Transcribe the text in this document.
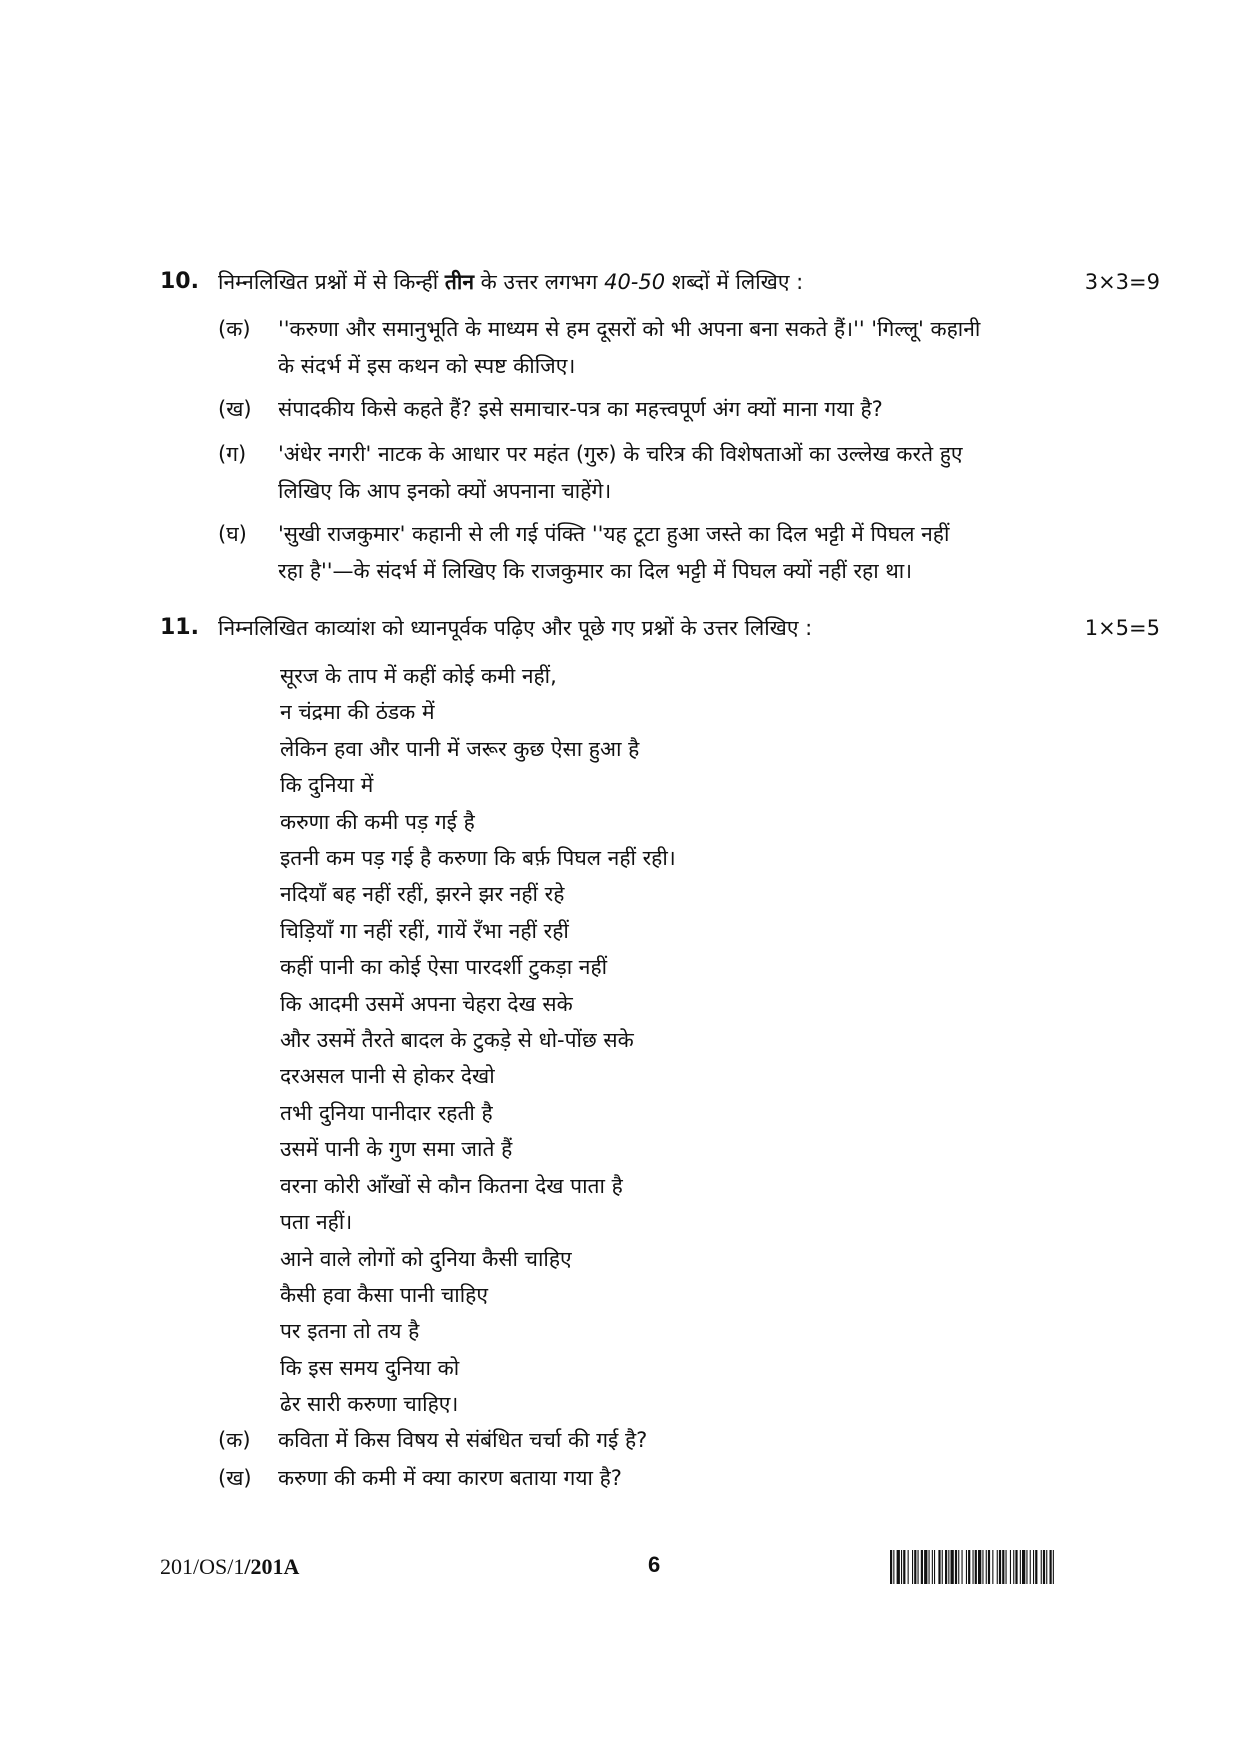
10. निम्नलिखित प्रश्नों में से किन्हीं तीन के उत्तर लगभग 40-50 शब्दों में लिखिए :	3×3=9
(क) ''करुणा और समानुभूति के माध्यम से हम दूसरों को भी अपना बना सकते हैं।'' 'गिल्लू' कहानी
के संदर्भ में इस कथन को स्पष्ट कीजिए।
(ख) संपादकीय किसे कहते हैं? इसे समाचार-पत्र का महत्त्वपूर्ण अंग क्यों माना गया है?
(ग) 'अंधेर नगरी' नाटक के आधार पर महंत (गुरु) के चरित्र की विशेषताओं का उल्लेख करते हुए
लिखिए कि आप इनको क्यों अपनाना चाहेंगे।
(घ) 'सुखी राजकुमार' कहानी से ली गई पंक्ति ''यह टूटा हुआ जस्ते का दिल भट्टी में पिघल नहीं
रहा है''—के संदर्भ में लिखिए कि राजकुमार का दिल भट्टी में पिघल क्यों नहीं रहा था।
11. निम्नलिखित काव्यांश को ध्यानपूर्वक पढ़िए और पूछे गए प्रश्नों के उत्तर लिखिए :	1×5=5
सूरज के ताप में कहीं कोई कमी नहीं,
न चंद्रमा की ठंडक में
लेकिन हवा और पानी में जरूर कुछ ऐसा हुआ है
कि दुनिया में
करुणा की कमी पड़ गई है
इतनी कम पड़ गई है करुणा कि बर्फ़ पिघल नहीं रही।
नदियाँ बह नहीं रहीं, झरने झर नहीं रहे
चिड़ियाँ गा नहीं रहीं, गायें रँभा नहीं रहीं
कहीं पानी का कोई ऐसा पारदर्शी टुकड़ा नहीं
कि आदमी उसमें अपना चेहरा देख सके
और उसमें तैरते बादल के टुकड़े से धो-पोंछ सके
दरअसल पानी से होकर देखो
तभी दुनिया पानीदार रहती है
उसमें पानी के गुण समा जाते हैं
वरना कोरी आँखों से कौन कितना देख पाता है
पता नहीं।
आने वाले लोगों को दुनिया कैसी चाहिए
कैसी हवा कैसा पानी चाहिए
पर इतना तो तय है
कि इस समय दुनिया को
ढेर सारी करुणा चाहिए।
(क) कविता में किस विषय से संबंधित चर्चा की गई है?
(ख) करुणा की कमी में क्या कारण बताया गया है?
201/OS/1/201A	6
